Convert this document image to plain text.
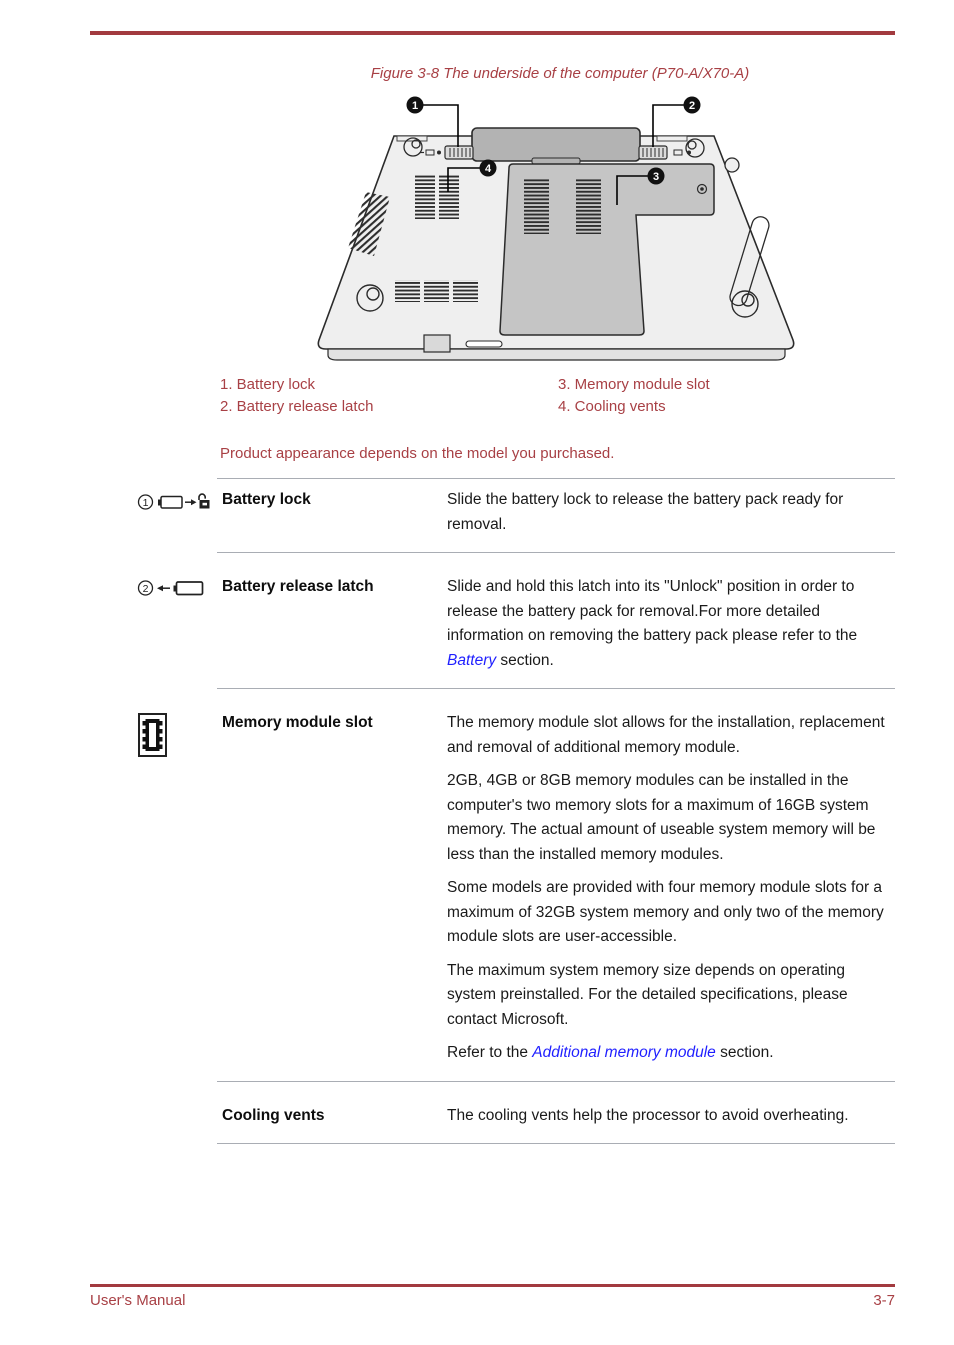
Figure 3-8 The underside of the computer (P70-A/X70-A)
1	2
3
4
1. Battery lock
2. Battery release latch
3. Memory module slot
4. Cooling vents
Product appearance depends on the model you purchased.
1	Battery lock	Slide the battery lock to release the battery pack ready for removal.

2	Battery release latch	Slide and hold this latch into its "Unlock" position in order to release the battery pack for removal.For more detailed information on removing the battery pack please refer to the Battery section.

Memory module slot	The memory module slot allows for the installation, replacement and removal of additional memory module.

2GB, 4GB or 8GB memory modules can be installed in the computer's two memory slots for a maximum of 16GB system memory. The actual amount of useable system memory will be less than the installed memory modules.

Some models are provided with four memory module slots for a maximum of 32GB system memory and only two of the memory module slots are user-accessible.

The maximum system memory size depends on operating system preinstalled. For the detailed specifications, please contact Microsoft.

Refer to the Additional memory module section.

Cooling vents	The cooling vents help the processor to avoid overheating.

User's Manual	3-7
